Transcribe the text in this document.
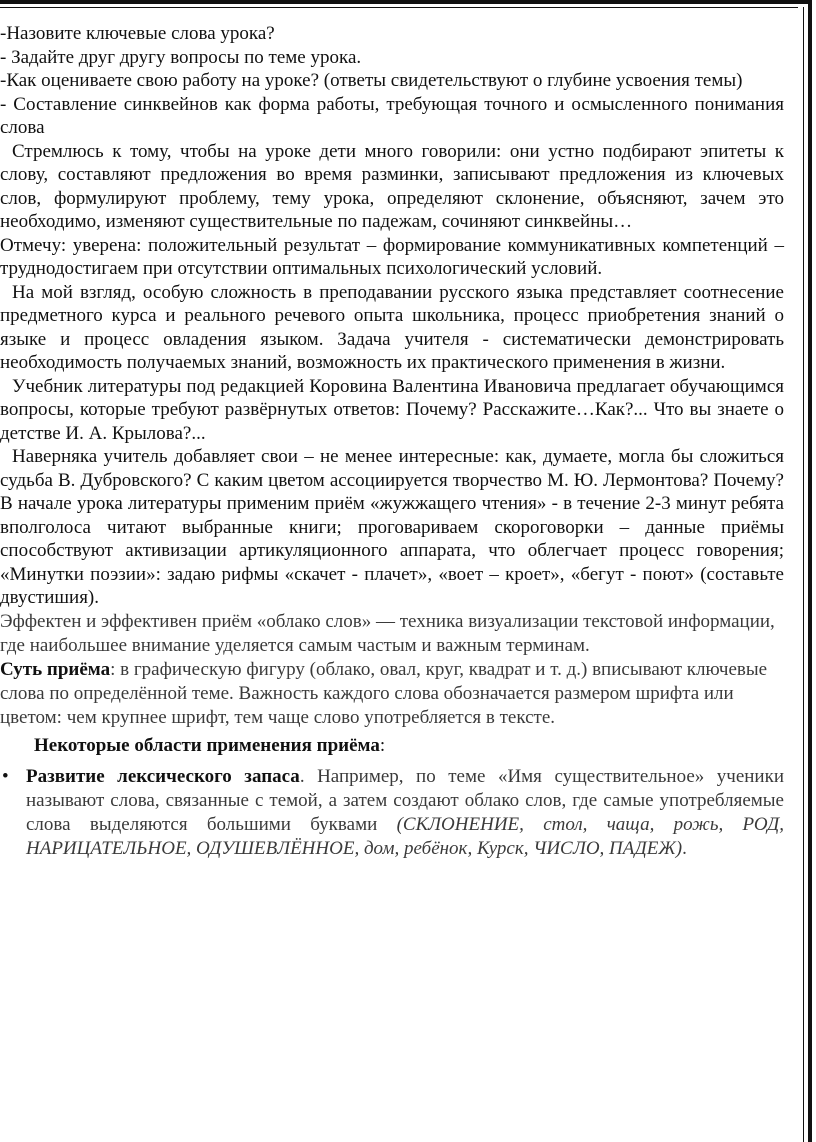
-Назовите ключевые слова урока?

- Задайте друг другу вопросы по теме урока.

-Как оцениваете свою работу на уроке? (ответы свидетельствуют о глубине усвоения темы)

- Составление синквейнов как форма работы, требующая точного и осмысленного понимания слова

Стремлюсь к тому, чтобы на уроке дети много говорили: они устно подбирают эпитеты к слову, составляют предложения во время разминки, записывают предложения из ключевых слов, формулируют проблему, тему урока, определяют склонение, объясняют, зачем это необходимо, изменяют существительные по падежам, сочиняют синквейны…

Отмечу: уверена: положительный результат – формирование коммуникативных компетенций – труднодостигаем при отсутствии оптимальных психологический условий.

На мой взгляд, особую сложность в преподавании русского языка представляет соотнесение предметного курса и реального речевого опыта школьника, процесс приобретения знаний о языке и процесс овладения языком. Задача учителя - систематически демонстрировать необходимость получаемых знаний, возможность их практического применения в жизни.

Учебник литературы под редакцией Коровина Валентина Ивановича предлагает обучающимся вопросы, которые требуют развёрнутых ответов: Почему? Расскажите…Как?... Что вы знаете о детстве И. А. Крылова?...

Наверняка учитель добавляет свои – не менее интересные: как, думаете, могла бы сложиться судьба В. Дубровского? С каким цветом ассоциируется творчество М. Ю. Лермонтова? Почему? В начале урока литературы применим приём «жужжащего чтения» - в течение 2-3 минут ребята вполголоса читают выбранные книги; проговариваем скороговорки – данные приёмы способствуют активизации артикуляционного аппарата, что облегчает процесс говорения; «Минутки поэзии»: задаю рифмы «скачет - плачет», «воет – кроет», «бегут - поют» (составьте двустишия).

Эффектен и эффективен приём «облако слов» — техника визуализации текстовой информации, где наибольшее внимание уделяется самым частым и важным терминам.

Суть приёма: в графическую фигуру (облако, овал, круг, квадрат и т. д.) вписывают ключевые слова по определённой теме. Важность каждого слова обозначается размером шрифта или цветом: чем крупнее шрифт, тем чаще слово употребляется в тексте.

Некоторые области применения приёма:

• Развитие лексического запаса. Например, по теме «Имя существительное» ученики называют слова, связанные с темой, а затем создают облако слов, где самые употребляемые слова выделяются большими буквами (СКЛОНЕНИЕ, стол, чаща, рожь, РОД, НАРИЦАТЕЛЬНОЕ, ОДУШЕВЛЁННОЕ, дом, ребёнок, Курск, ЧИСЛО, ПАДЕЖ).
